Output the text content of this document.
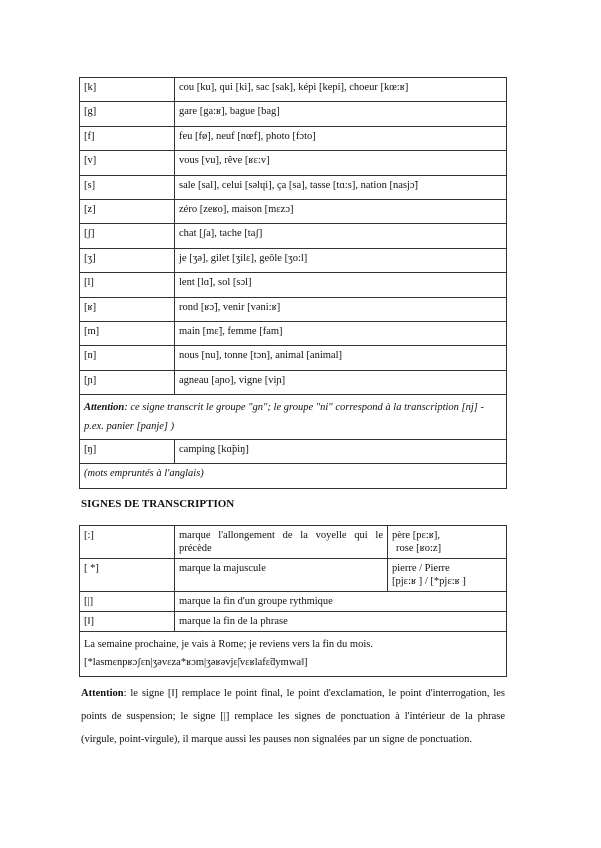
[k]	cou [ku], qui [ki], sac [sak], képi [kepi], choeur [kœ:ʁ]
[g]	gare [ga:ʁ], bague [bag]
[f]	feu [fø], neuf [nœf], photo [fɔto]
[v]	vous [vu], rêve [ʁɛ:v]
[s]	sale [sal], celui [səlɥi], ça [sa], tasse [tɑ:s], nation [nasjɔ̃]
[z]	zéro [zeʁo], maison [mɛzɔ]
[ʃ]	chat [ʃa], tache [taʃ]
[ʒ]	je [ʒə], gilet [ʒilɛ], geôle [ʒo:l]
[l]	lent [lɑ̃], sol [sɔl]
[ʁ]	rond [ʁɔ̃], venir [vəni:ʁ]
[m]	main [mɛ̃], femme [fam]
[n]	nous [nu], tonne [tɔn], animal [animal]
[ɲ]	agneau [aɲo], vigne [viɲ]
Attention: ce signe transcrit le groupe "gn"; le groupe "ni" correspond à la transcription [nj] - p.ex. panier [panje] )	
[ŋ]	camping [kɑ̃piŋ]
(mots empruntés à l'anglais)	
SIGNES DE TRANSCRIPTION
[:]	marque l'allongement de la voyelle qui le précède	père [pɛ:ʁ],
rose [ʁo:z]

[ *]	marque la majuscule	pierre / Pierre
[pjɛ:ʁ ] / [*pjɛ:ʁ ]

[|]	marque la fin d'un groupe rythmique	
[‖]	marque la fin de la phrase	

La semaine prochaine, je vais à Rome; je reviens vers la fin du mois.
[*lasmɛnpʁɔʃɛn|ʒəvɛza*ʁɔm|ʒəʁəvjɛ̃|vɛʁlafɛ̃dymwa‖]		

Attention: le signe [‖] remplace le point final, le point d'exclamation, le point d'interrogation, les points de suspension; le signe [|] remplace les signes de ponctuation à l'intérieur de la phrase (virgule, point-virgule), il marque aussi les pauses non signalées par un signe de ponctuation.
